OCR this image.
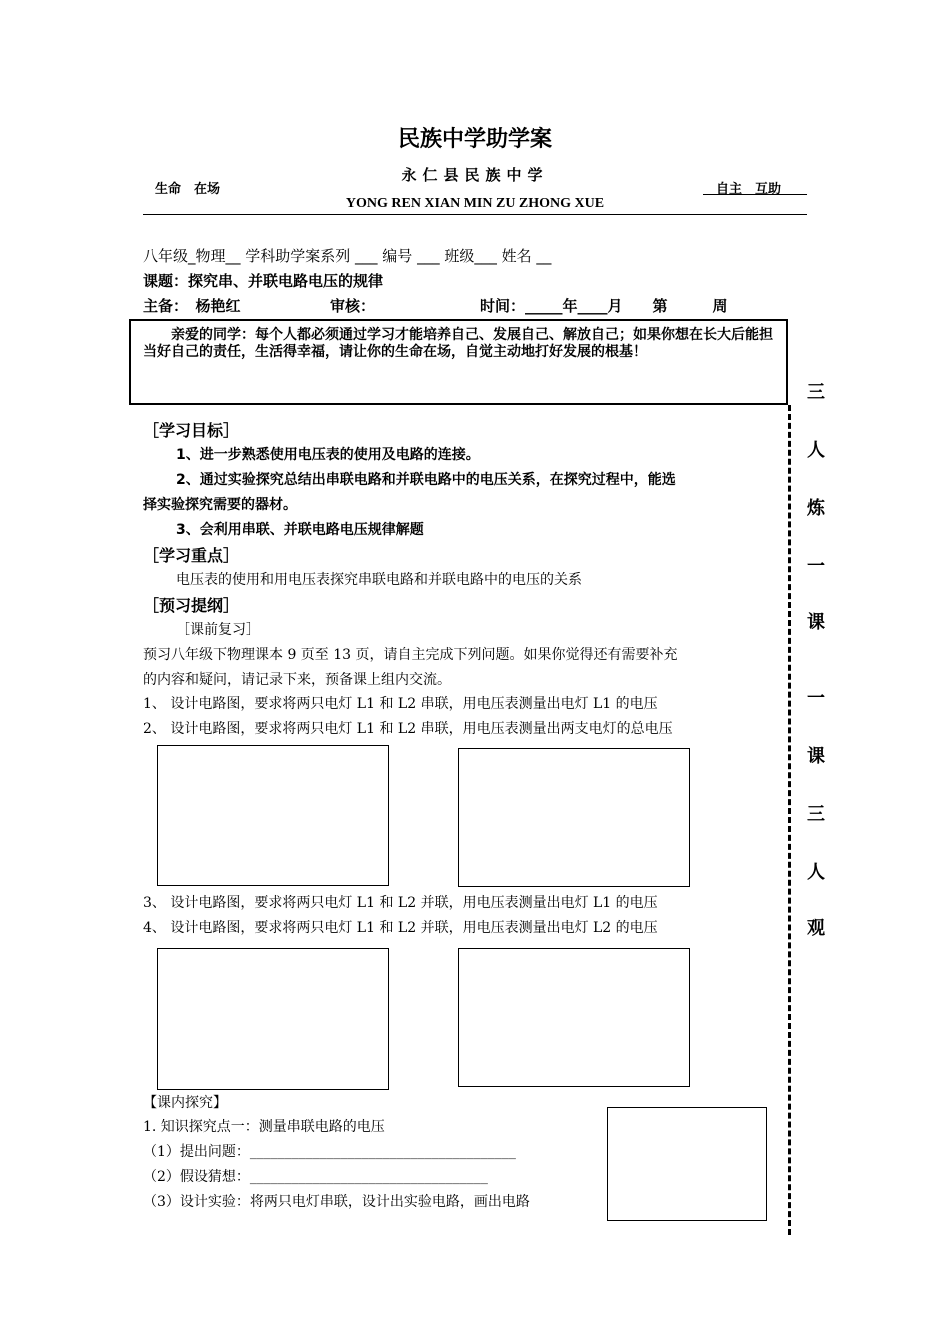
民族中学助学案
永仁县民族中学
生命　在场	　自主　互助　　
YONG REN XIAN MIN ZU ZHONG XUE
八年级_物理__ 学科助学案系列 ___ 编号 ___ 班级___ 姓名 __
课题：探究串、并联电路电压的规律
主备：　杨艳红	审核：	时间：_____年____月　　第　　　周
亲爱的同学：每个人都必须通过学习才能培养自己、发展自己、解放自己；如果你想在长大后能担当好自己的责任，生活得幸福，请让你的生命在场，自觉主动地打好发展的根基！
三
人
炼
一
课
一
课
三
人
观
［学习目标］
1、进一步熟悉使用电压表的使用及电路的连接。
2、通过实验探究总结出串联电路和并联电路中的电压关系，在探究过程中，能选
择实验探究需要的器材。
3、会利用串联、并联电路电压规律解题
［学习重点］
电压表的使用和用电压表探究串联电路和并联电路中的电压的关系
［预习提纲］
［课前复习］
预习八年级下物理课本 9 页至 13 页，请自主完成下列问题。如果你觉得还有需要补充
的内容和疑问，请记录下来，预备课上组内交流。
1、 设计电路图，要求将两只电灯 L1 和 L2 串联，用电压表测量出电灯 L1 的电压
2、 设计电路图，要求将两只电灯 L1 和 L2 串联，用电压表测量出两支电灯的总电压
3、 设计电路图，要求将两只电灯 L1 和 L2 并联，用电压表测量出电灯 L1 的电压
4、 设计电路图，要求将两只电灯 L1 和 L2 并联，用电压表测量出电灯 L2 的电压
【课内探究】
1. 知识探究点一：测量串联电路的电压
（1）提出问题：______________________________________
（2）假设猜想：__________________________________
（3）设计实验：将两只电灯串联，设计出实验电路，画出电路
